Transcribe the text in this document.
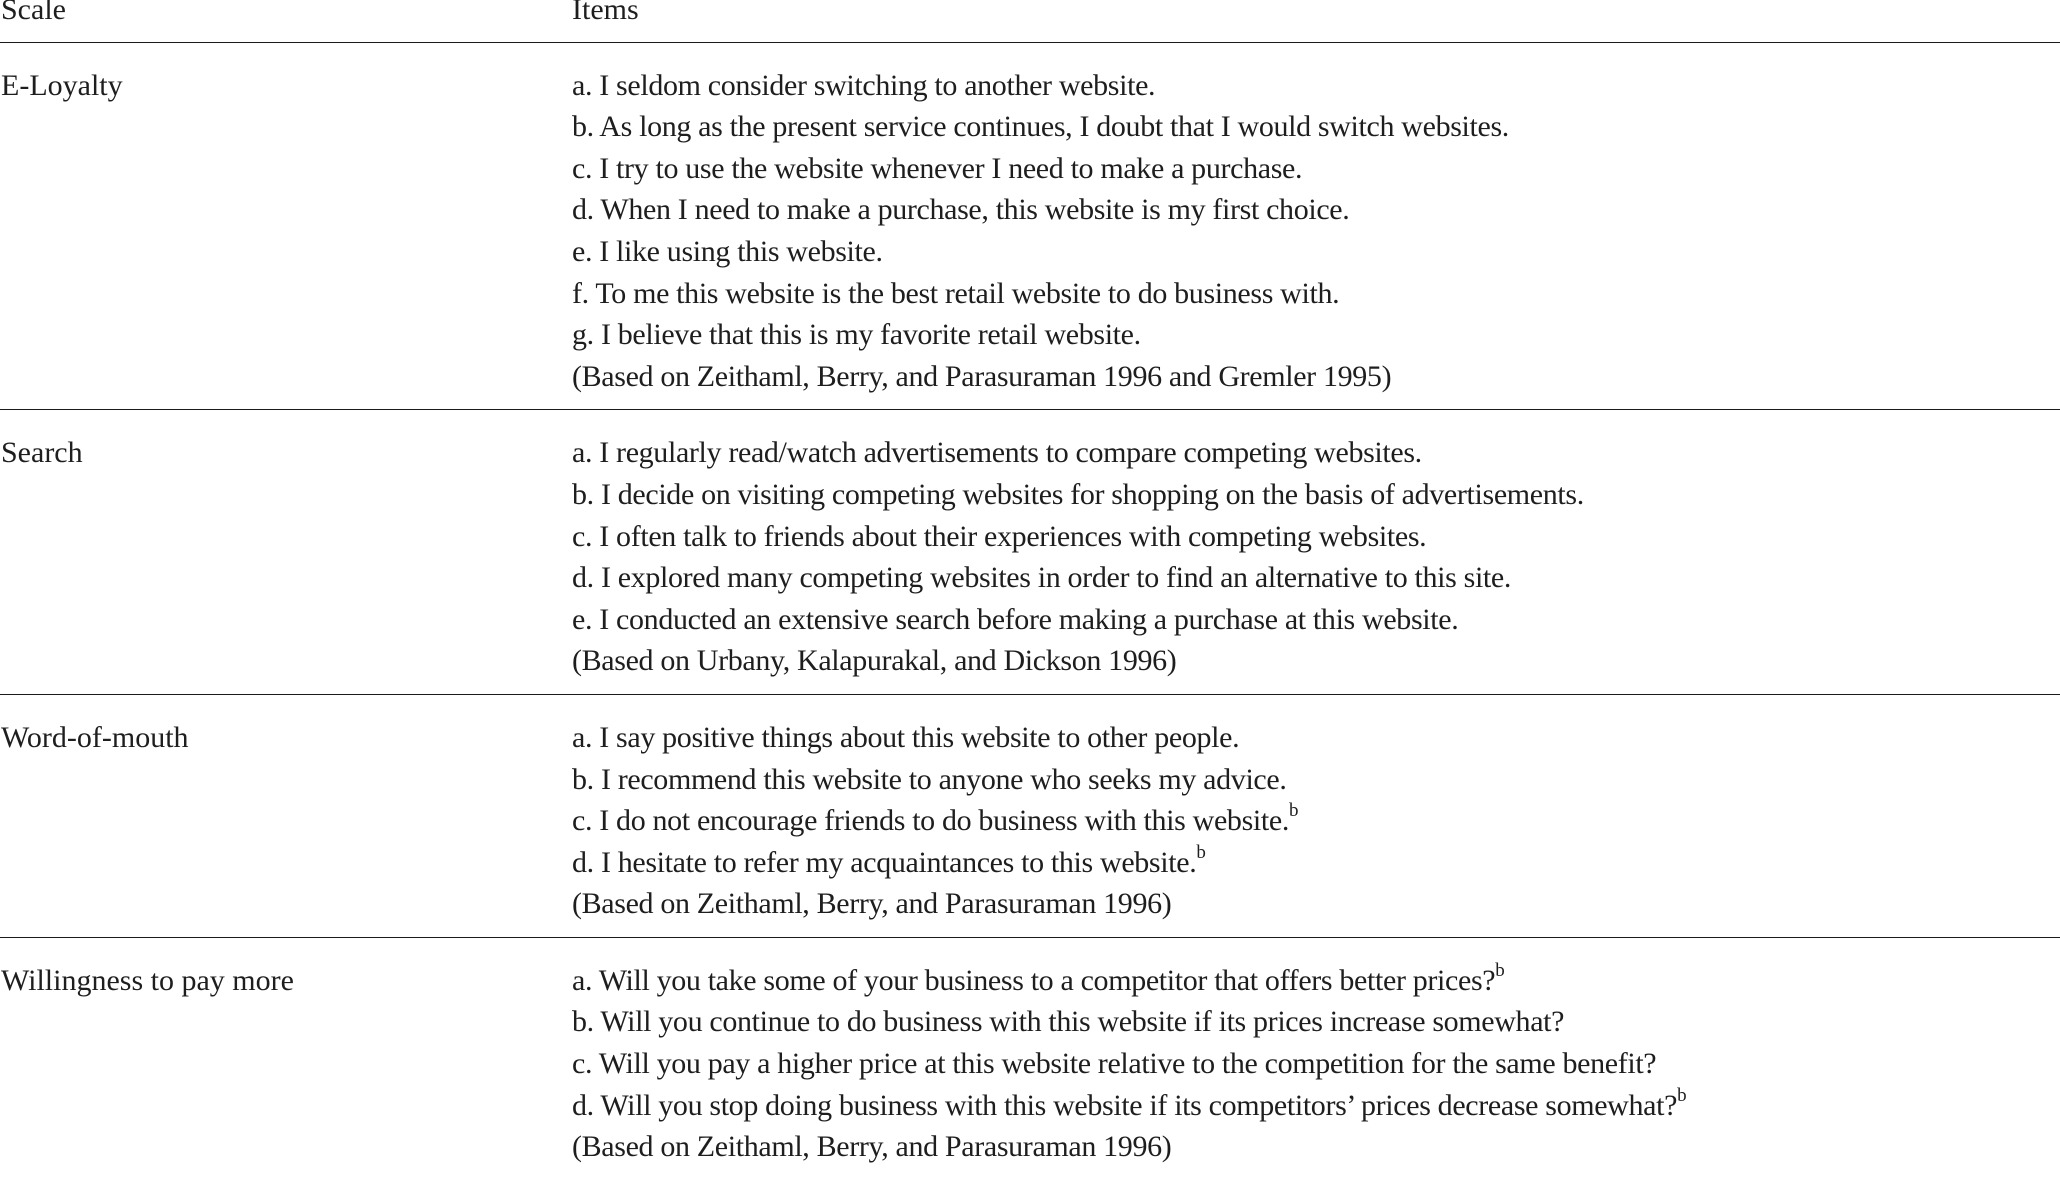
Scale	Items
E-Loyalty	a. I seldom consider switching to another website.
b. As long as the present service continues, I doubt that I would switch websites.
c. I try to use the website whenever I need to make a purchase.
d. When I need to make a purchase, this website is my first choice.
e. I like using this website.
f. To me this website is the best retail website to do business with.
g. I believe that this is my favorite retail website.
(Based on Zeithaml, Berry, and Parasuraman 1996 and Gremler 1995)
Search	a. I regularly read/watch advertisements to compare competing websites.
b. I decide on visiting competing websites for shopping on the basis of advertisements.
c. I often talk to friends about their experiences with competing websites.
d. I explored many competing websites in order to find an alternative to this site.
e. I conducted an extensive search before making a purchase at this website.
(Based on Urbany, Kalapurakal, and Dickson 1996)
Word-of-mouth	a. I say positive things about this website to other people.
b. I recommend this website to anyone who seeks my advice.
c. I do not encourage friends to do business with this website.$^b$
d. I hesitate to refer my acquaintances to this website.$^b$
(Based on Zeithaml, Berry, and Parasuraman 1996)
Willingness to pay more	a. Will you take some of your business to a competitor that offers better prices?$^b$
b. Will you continue to do business with this website if its prices increase somewhat?
c. Will you pay a higher price at this website relative to the competition for the same benefit?
d. Will you stop doing business with this website if its competitors’ prices decrease somewhat?$^b$
(Based on Zeithaml, Berry, and Parasuraman 1996)
